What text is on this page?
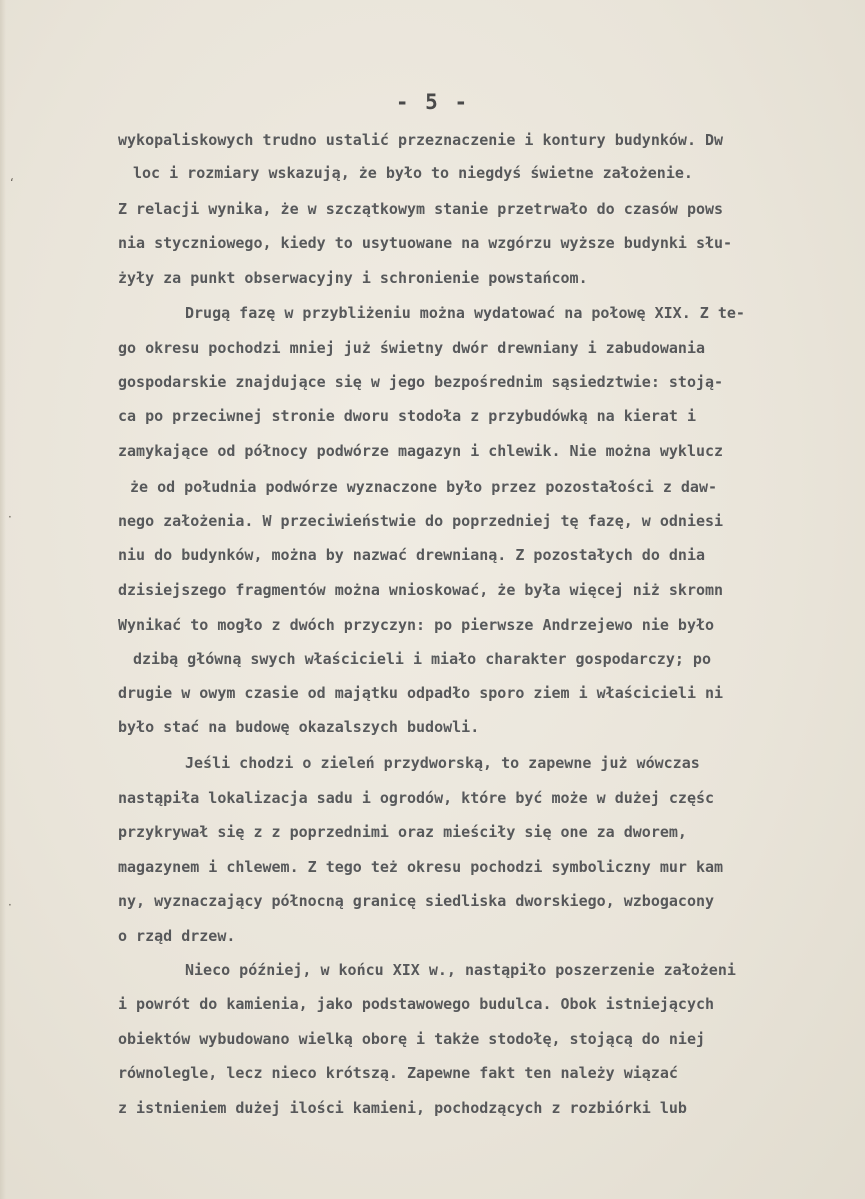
‘
·
·
- 5 -
wykopaliskowych trudno ustalić przeznaczenie i kontury budynków. Dw
loc i rozmiary wskazują, że było to niegdyś świetne założenie.
Z relacji wynika, że w szczątkowym stanie przetrwało do czasów pows
nia styczniowego, kiedy to usytuowane na wzgórzu wyższe budynki słu-
żyły za punkt obserwacyjny i schronienie powstańcom.
Drugą fazę w przybliżeniu można wydatować na połowę XIX. Z te-
go okresu pochodzi mniej już świetny dwór drewniany i zabudowania
gospodarskie znajdujące się w jego bezpośrednim sąsiedztwie: stoją-
ca po przeciwnej stronie dworu stodoła z przybudówką na kierat i
zamykające od północy podwórze magazyn i chlewik. Nie można wyklucz
że od południa podwórze wyznaczone było przez pozostałości z daw-
nego założenia. W przeciwieństwie do poprzedniej tę fazę, w odniesi
niu do budynków, można by nazwać drewnianą. Z pozostałych do dnia
dzisiejszego fragmentów można wnioskować, że była więcej niż skromn
Wynikać to mogło z dwóch przyczyn: po pierwsze Andrzejewo nie było
dzibą główną swych właścicieli i miało charakter gospodarczy; po
drugie w owym czasie od majątku odpadło sporo ziem i właścicieli ni
było stać na budowę okazalszych budowli.
Jeśli chodzi o zieleń przydworską, to zapewne już wówczas
nastąpiła lokalizacja sadu i ogrodów, które być może w dużej częśc
przykrywał się z z poprzednimi oraz mieściły się one za dworem,
magazynem i chlewem. Z tego też okresu pochodzi symboliczny mur kam
ny, wyznaczający północną granicę siedliska dworskiego, wzbogacony
o rząd drzew.
Nieco później, w końcu XIX w., nastąpiło poszerzenie założeni
i powrót do kamienia, jako podstawowego budulca. Obok istniejących
obiektów wybudowano wielką oborę i także stodołę, stojącą do niej
równolegle, lecz nieco krótszą. Zapewne fakt ten należy wiązać
z istnieniem dużej ilości kamieni, pochodzących z rozbiórki lub
